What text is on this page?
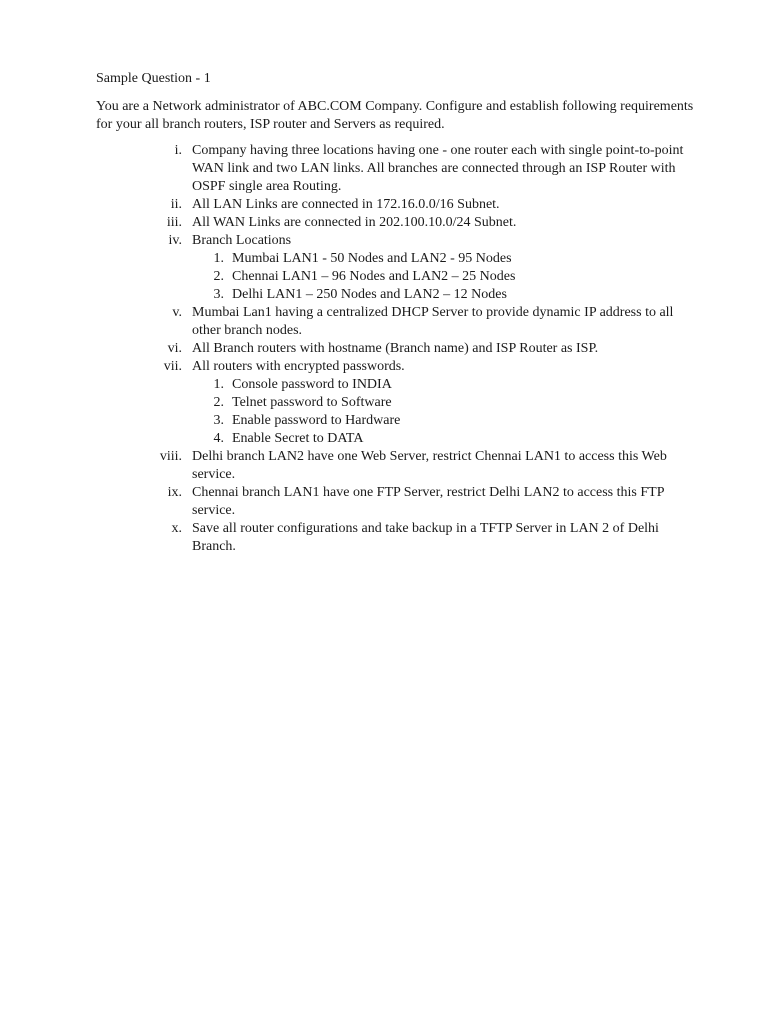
Sample Question - 1
You are a Network administrator of ABC.COM Company. Configure and establish following requirements for your all branch routers, ISP router and Servers as required.
i. Company having three locations having one - one router each with single point-to-point WAN link and two LAN links. All branches are connected through an ISP Router with OSPF single area Routing.
ii. All LAN Links are connected in 172.16.0.0/16 Subnet.
iii. All WAN Links are connected in 202.100.10.0/24 Subnet.
iv. Branch Locations
1. Mumbai LAN1 - 50 Nodes and LAN2 - 95 Nodes
2. Chennai LAN1 – 96 Nodes and LAN2 – 25 Nodes
3. Delhi LAN1 – 250 Nodes and LAN2 – 12 Nodes
v. Mumbai Lan1 having a centralized DHCP Server to provide dynamic IP address to all other branch nodes.
vi. All Branch routers with hostname (Branch name) and ISP Router as ISP.
vii. All routers with encrypted passwords.
1. Console password to INDIA
2. Telnet password to Software
3. Enable password to Hardware
4. Enable Secret to DATA
viii. Delhi branch LAN2 have one Web Server, restrict Chennai LAN1 to access this Web service.
ix. Chennai branch LAN1 have one FTP Server, restrict Delhi LAN2 to access this FTP service.
x. Save all router configurations and take backup in a TFTP Server in LAN 2 of Delhi Branch.
